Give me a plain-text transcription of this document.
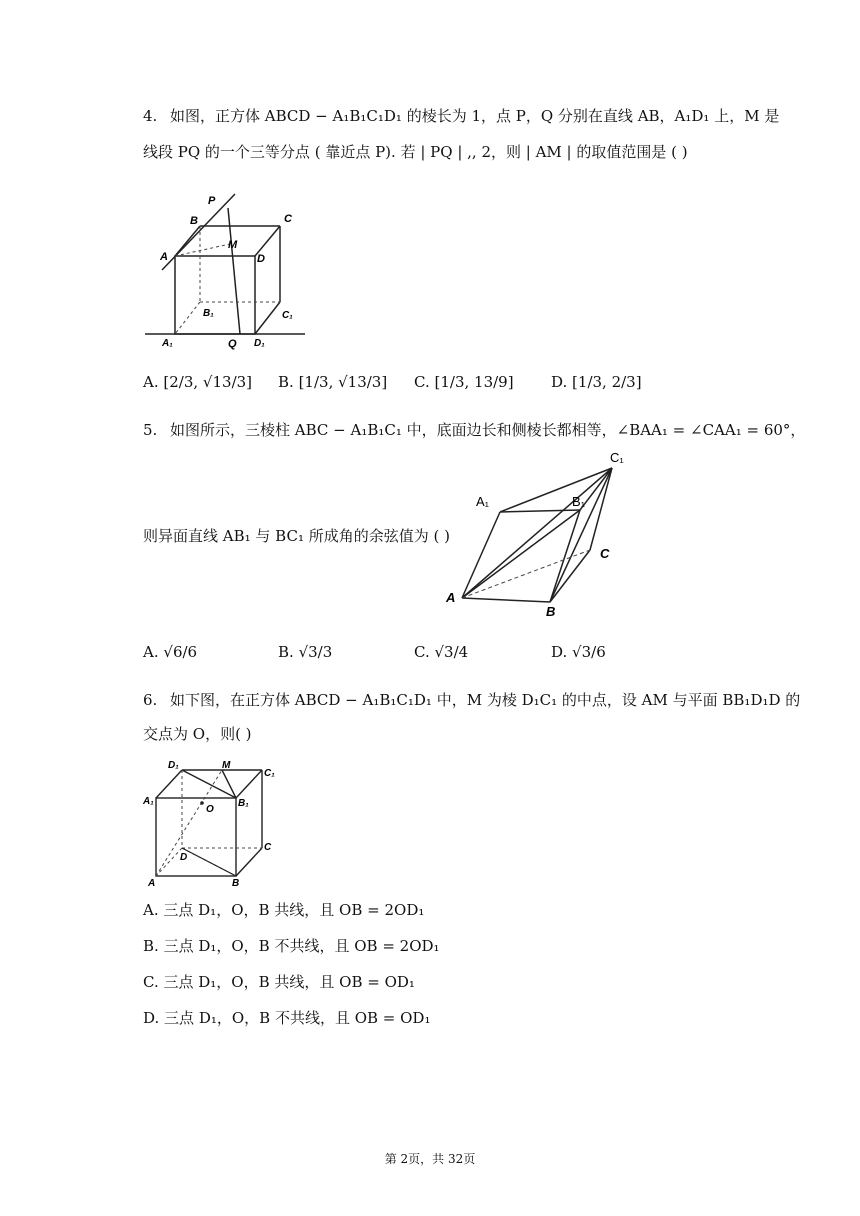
4. 如图，正方体 ABCD − A₁B₁C₁D₁ 的棱长为 1，点 P，Q 分别在直线 AB，A₁D₁ 上，M 是
线段 PQ 的一个三等分点 ( 靠近点 P). 若 | PQ | ,, 2，则 | AM | 的取值范围是 ( )
P
B	C
A
M
D
B₁	C₁
A₁	Q D₁
A. [2/3, √13/3] B. [1/3, √13/3] C. [1/3, 13/9] D. [1/3, 2/3]
5. 如图所示，三棱柱 ABC − A₁B₁C₁ 中，底面边长和侧棱长都相等，∠BAA₁ = ∠CAA₁ = 60°，
则异面直线 AB₁ 与 BC₁ 所成角的余弦值为 ( )
C₁
A₁	B₁
C
A
B
A. √6/6	B. √3/3	C. √3/4	D. √3/6
6. 如下图，在正方体 ABCD − A₁B₁C₁D₁ 中，M 为棱 D₁C₁ 的中点，设 AM 与平面 BB₁D₁D 的
交点为 O，则( )
D₁	M
C₁
A₁
O
B₁
D
C
A	B
A. 三点 D₁，O，B 共线，且 OB = 2OD₁
B. 三点 D₁，O，B 不共线，且 OB = 2OD₁
C. 三点 D₁，O，B 共线，且 OB = OD₁
D. 三点 D₁，O，B 不共线，且 OB = OD₁
第 2页，共 32页
